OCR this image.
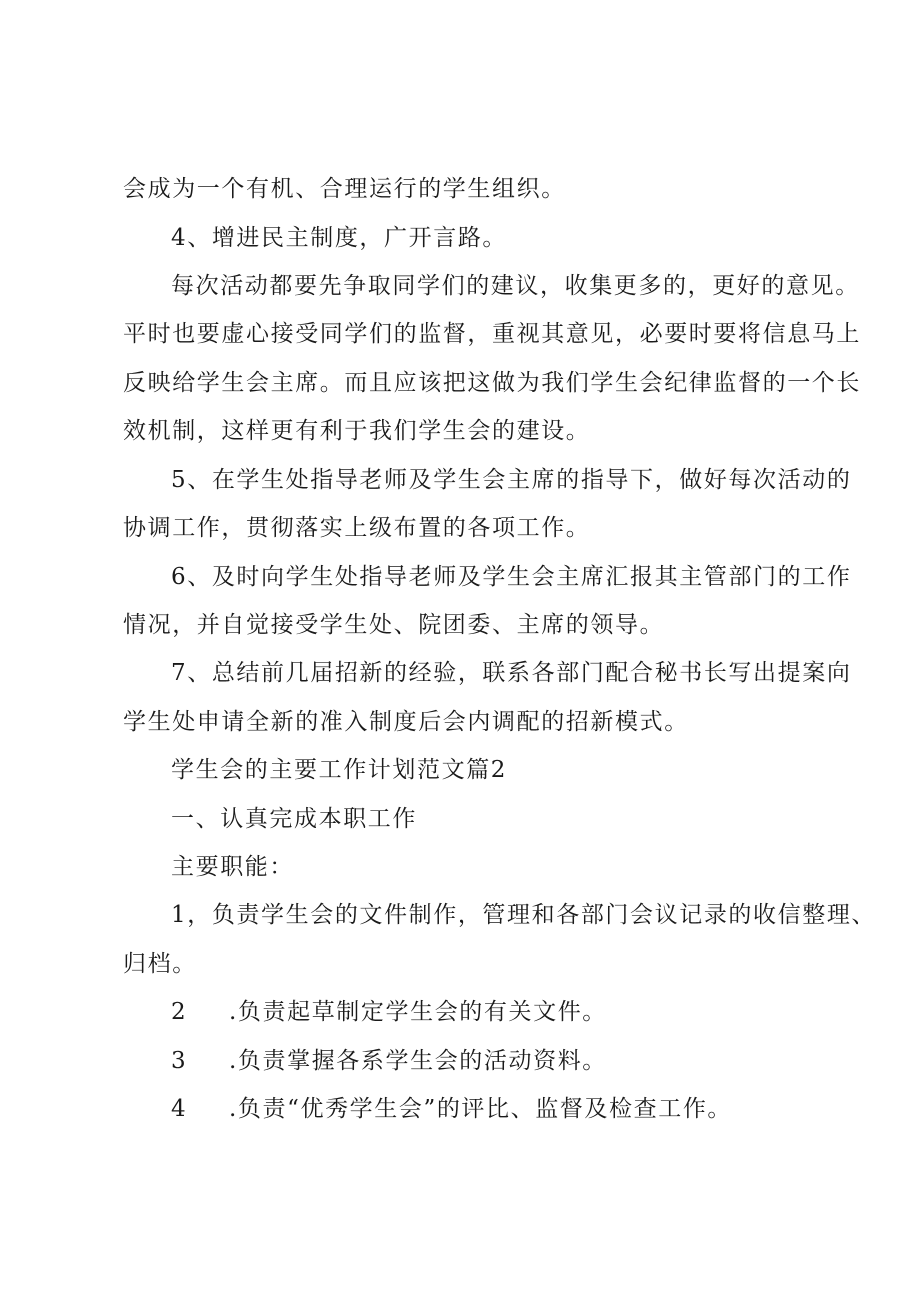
会成为一个有机、合理运行的学生组织。
4、增进民主制度，广开言路。
每次活动都要先争取同学们的建议，收集更多的，更好的意见。
平时也要虚心接受同学们的监督，重视其意见，必要时要将信息马上
反映给学生会主席。而且应该把这做为我们学生会纪律监督的一个长
效机制，这样更有利于我们学生会的建设。
5、在学生处指导老师及学生会主席的指导下，做好每次活动的
协调工作，贯彻落实上级布置的各项工作。
6、及时向学生处指导老师及学生会主席汇报其主管部门的工作
情况，并自觉接受学生处、院团委、主席的领导。
7、总结前几届招新的经验，联系各部门配合秘书长写出提案向
学生处申请全新的准入制度后会内调配的招新模式。
学生会的主要工作计划范文篇2
一、认真完成本职工作
主要职能：
1，负责学生会的文件制作，管理和各部门会议记录的收信整理、
归档。
2 .负责起草制定学生会的有关文件。
3 .负责掌握各系学生会的活动资料。
4 .负责“优秀学生会”的评比、监督及检查工作。
